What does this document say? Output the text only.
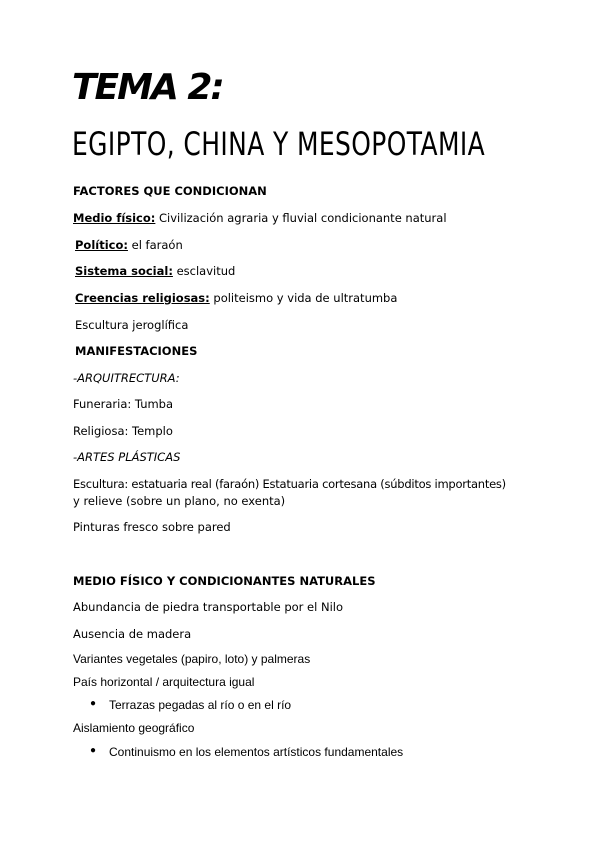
TEMA 2:
EGIPTO, CHINA Y MESOPOTAMIA
FACTORES QUE CONDICIONAN
Medio físico: Civilización agraria y fluvial condicionante natural
Político: el faraón
Sistema social: esclavitud
Creencias religiosas: politeismo y vida de ultratumba
Escultura jeroglífica
MANIFESTACIONES
-ARQUITRECTURA:
Funeraria: Tumba
Religiosa: Templo
-ARTES PLÁSTICAS
Escultura: estatuaria real (faraón) Estatuaria cortesana (súbditos importantes)
y relieve (sobre un plano, no exenta)
Pinturas fresco sobre pared
MEDIO FÍSICO Y CONDICIONANTES NATURALES
Abundancia de piedra transportable por el Nilo
Ausencia de madera
Variantes vegetales (papiro, loto) y palmeras
País horizontal / arquitectura igual
● Terrazas pegadas al río o en el río
Aislamiento geográfico
● Continuismo en los elementos artísticos fundamentales
